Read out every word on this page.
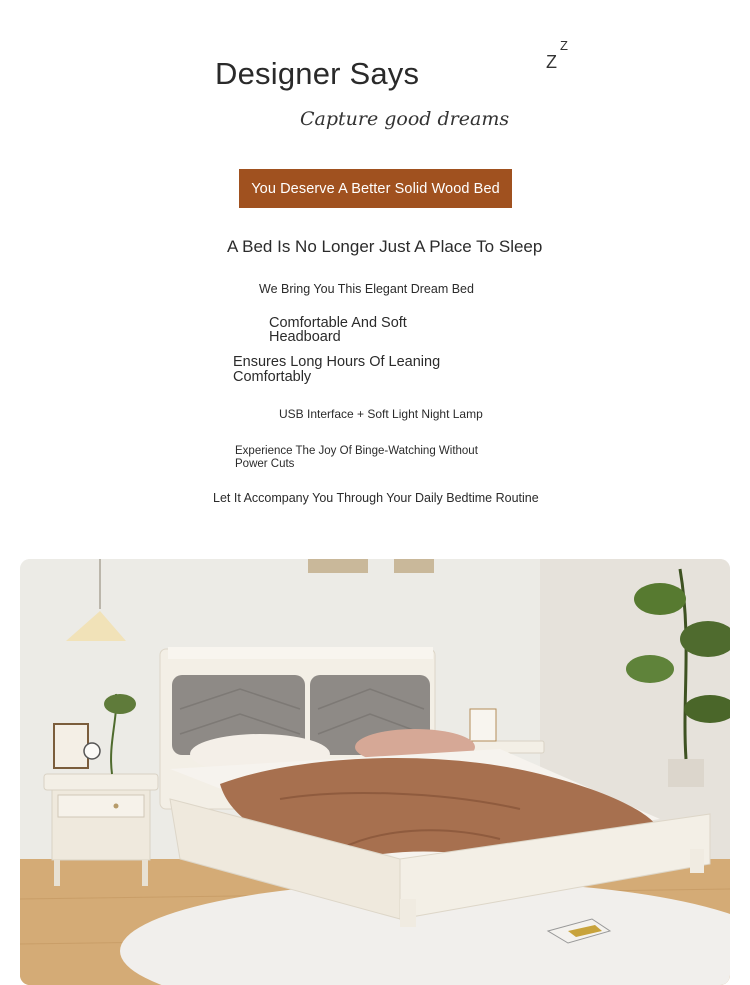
Designer Says	Z
Z
Capture good dreams
You Deserve A Better Solid Wood Bed
A Bed Is No Longer Just A Place To Sleep
We Bring You This Elegant Dream Bed
Comfortable And Soft Headboard
Ensures Long Hours Of Leaning Comfortably
USB Interface + Soft Light Night Lamp
Experience The Joy Of Binge-Watching Without Power Cuts
Let It Accompany You Through Your Daily Bedtime Routine
